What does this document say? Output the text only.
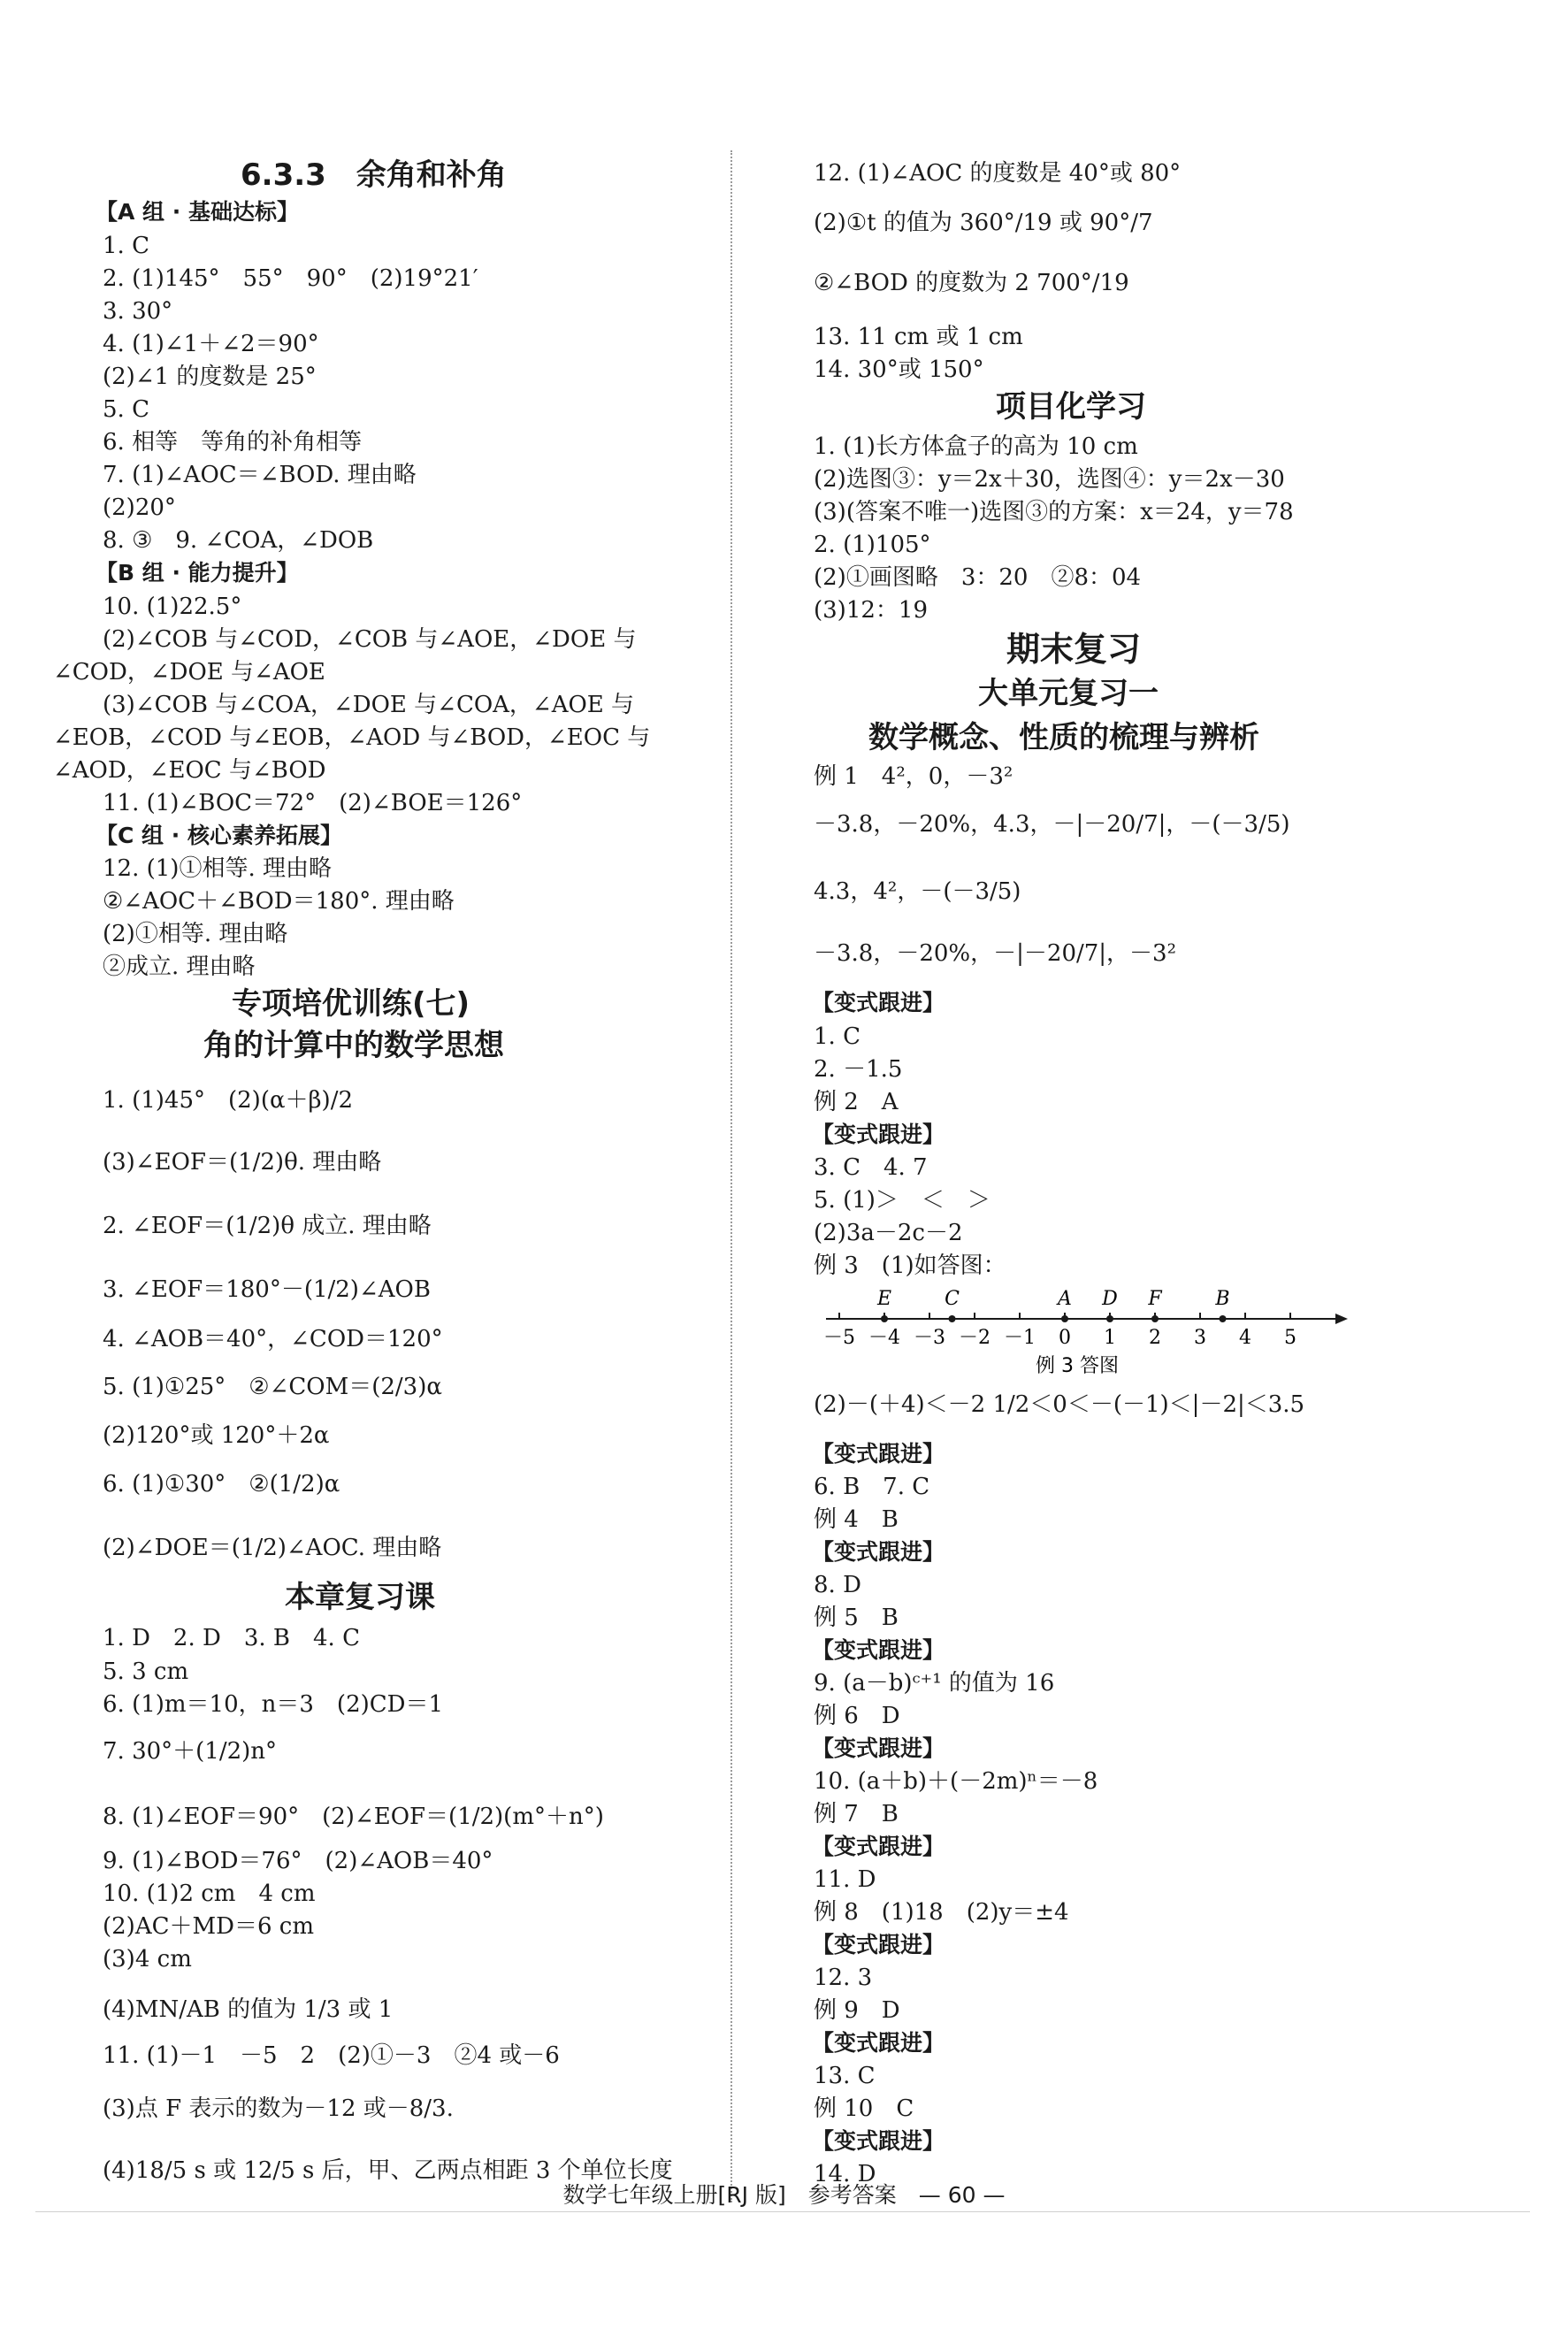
6.3.3　余角和补角
【A 组 · 基础达标】
1. C
2. (1)145°　55°　90°　(2)19°21′
3. 30°
4. (1)∠1＋∠2＝90°
(2)∠1 的度数是 25°
5. C
6. 相等　等角的补角相等
7. (1)∠AOC＝∠BOD. 理由略
(2)20°
8. ③　9. ∠COA，∠DOB
【B 组 · 能力提升】
10. (1)22.5°
(2)∠COB 与∠COD，∠COB 与∠AOE，∠DOE 与
∠COD，∠DOE 与∠AOE
(3)∠COB 与∠COA，∠DOE 与∠COA，∠AOE 与
∠EOB，∠COD 与∠EOB，∠AOD 与∠BOD，∠EOC 与
∠AOD，∠EOC 与∠BOD
11. (1)∠BOC＝72°　(2)∠BOE＝126°
【C 组 · 核心素养拓展】
12. (1)①相等. 理由略
②∠AOC＋∠BOD＝180°. 理由略
(2)①相等. 理由略
②成立. 理由略
专项培优训练(七)
角的计算中的数学思想
1. (1)45°　(2)(α＋β)/2
(3)∠EOF＝(1/2)θ. 理由略
2. ∠EOF＝(1/2)θ 成立. 理由略
3. ∠EOF＝180°－(1/2)∠AOB
4. ∠AOB＝40°，∠COD＝120°
5. (1)①25°　②∠COM＝(2/3)α
(2)120°或 120°＋2α
6. (1)①30°　②(1/2)α
(2)∠DOE＝(1/2)∠AOC. 理由略
本章复习课
1. D　2. D　3. B　4. C
5. 3 cm
6. (1)m＝10，n＝3　(2)CD＝1
7. 30°＋(1/2)n°
8. (1)∠EOF＝90°　(2)∠EOF＝(1/2)(m°＋n°)
9. (1)∠BOD＝76°　(2)∠AOB＝40°
10. (1)2 cm　4 cm
(2)AC＋MD＝6 cm
(3)4 cm
(4)MN/AB 的值为 1/3 或 1
11. (1)－1　－5　2　(2)①－3　②4 或－6
(3)点 F 表示的数为－12 或－8/3.
(4)18/5 s 或 12/5 s 后，甲、乙两点相距 3 个单位长度
12. (1)∠AOC 的度数是 40°或 80°
(2)①t 的值为 360°/19 或 90°/7
②∠BOD 的度数为 2 700°/19
13. 11 cm 或 1 cm
14. 30°或 150°
项目化学习
1. (1)长方体盒子的高为 10 cm
(2)选图③：y＝2x＋30，选图④：y＝2x－30
(3)(答案不唯一)选图③的方案：x＝24，y＝78
2. (1)105°
(2)①画图略　3：20　②8：04
(3)12：19
期末复习
大单元复习一
数学概念、性质的梳理与辨析
例 1　4²，0，－3²
－3.8，－20%，4.3，－|－20/7|，－(－3/5)
4.3，4²，－(－3/5)
－3.8，－20%，－|－20/7|，－3²
【变式跟进】
1. C
2. －1.5
例 2　A
【变式跟进】
3. C　4. 7
5. (1)＞　＜　＞
(2)3a－2c－2
例 3　(1)如答图：
－5 －4 －3 －2 －1 0 1 2 3 4 5
E	C	A D F	B
例 3 答图
(2)－(＋4)＜－2 1/2＜0＜－(－1)＜|－2|＜3.5
【变式跟进】
6. B　7. C
例 4　B
【变式跟进】
8. D
例 5　B
【变式跟进】
9. (a－b)ᶜ⁺¹ 的值为 16
例 6　D
【变式跟进】
10. (a＋b)＋(－2m)ⁿ＝－8
例 7　B
【变式跟进】
11. D
例 8　(1)18　(2)y＝±4
【变式跟进】
12. 3
例 9　D
【变式跟进】
13. C
例 10　C
【变式跟进】
14. D
数学七年级上册[RJ 版]　参考答案　— 60 —
